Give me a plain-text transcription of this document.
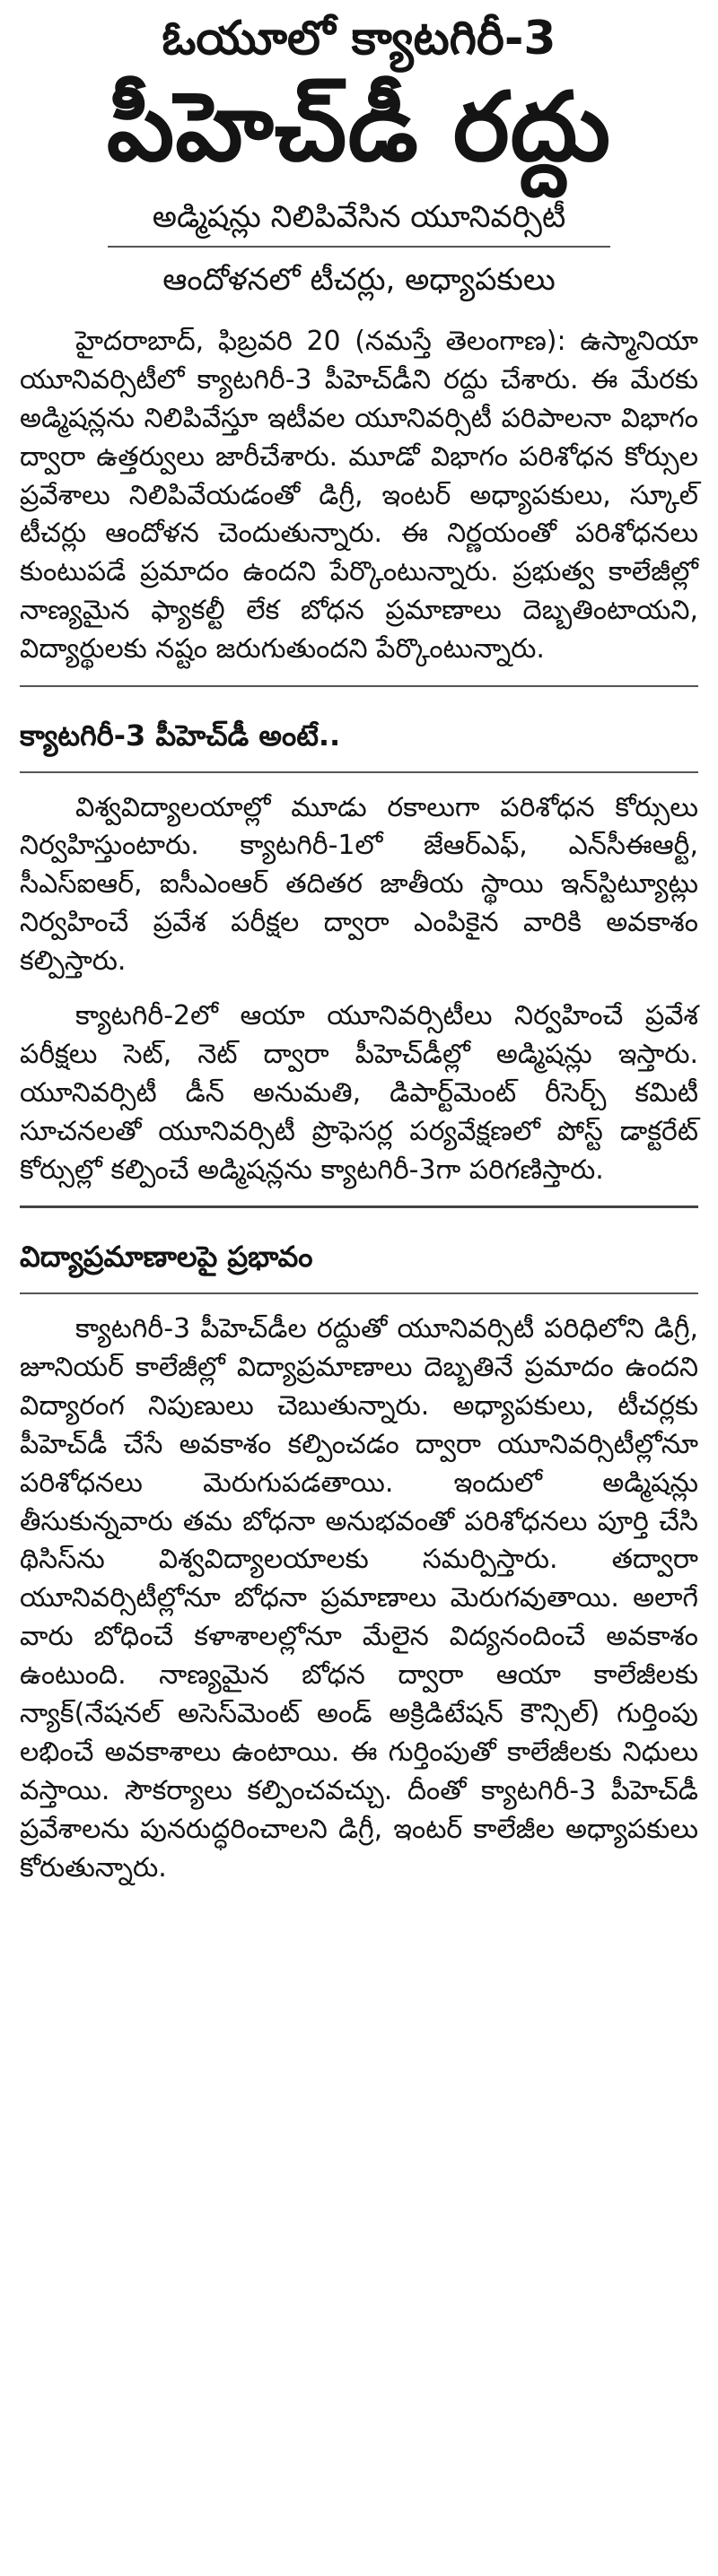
ఓయూలో క్యాటగిరీ-3
పీహెచ్‌డీ రద్దు
అడ్మిషన్లు నిలిపివేసిన యూనివర్సిటీ
ఆందోళనలో టీచర్లు, అధ్యాపకులు

హైదరాబాద్, ఫిబ్రవరి 20 (నమస్తే తెలంగాణ): ఉస్మానియా యూనివర్సిటీలో క్యాటగిరీ-3 పీహెచ్‌డీని రద్దు చేశారు. ఈ మేరకు అడ్మిషన్లను నిలిపివేస్తూ ఇటీవల యూనివర్సిటీ పరిపాలనా విభాగం ద్వారా ఉత్తర్వులు జారీచేశారు. మూడో విభాగం పరిశోధన కోర్సుల ప్రవేశాలు నిలిపివేయడంతో డిగ్రీ, ఇంటర్ అధ్యాపకులు, స్కూల్ టీచర్లు ఆందోళన చెందుతున్నారు. ఈ నిర్ణయంతో పరిశోధనలు కుంటుపడే ప్రమాదం ఉందని పేర్కొంటున్నారు. ప్రభుత్వ కాలేజీల్లో నాణ్యమైన ఫ్యాకల్టీ లేక బోధన ప్రమాణాలు దెబ్బతింటాయని, విద్యార్థులకు నష్టం జరుగుతుందని పేర్కొంటున్నారు.

క్యాటగిరీ-3 పీహెచ్‌డీ అంటే..

విశ్వవిద్యాలయాల్లో మూడు రకాలుగా పరిశోధన కోర్సులు నిర్వహిస్తుంటారు. క్యాటగిరీ-1లో జేఆర్ఎఫ్, ఎన్‌సీఈఆర్టీ, సీఎస్ఐఆర్, ఐసీఎంఆర్ తదితర జాతీయ స్థాయి ఇన్‌స్టిట్యూట్లు నిర్వహించే ప్రవేశ పరీక్షల ద్వారా ఎంపికైన వారికి అవకాశం కల్పిస్తారు.

క్యాటగిరీ-2లో ఆయా యూనివర్సిటీలు నిర్వహించే ప్రవేశ పరీక్షలు సెట్, నెట్ ద్వారా పీహెచ్‌డీల్లో అడ్మిషన్లు ఇస్తారు. యూనివర్సిటీ డీన్ అనుమతి, డిపార్ట్‌మెంట్ రీసెర్చ్ కమిటీ సూచనలతో యూనివర్సిటీ ప్రొఫెసర్ల పర్యవేక్షణలో పోస్ట్ డాక్టరేట్ కోర్సుల్లో కల్పించే అడ్మిషన్లను క్యాటగిరీ-3గా పరిగణిస్తారు.

విద్యాప్రమాణాలపై ప్రభావం

క్యాటగిరీ-3 పీహెచ్‌డీల రద్దుతో యూనివర్సిటీ పరిధిలోని డిగ్రీ, జూనియర్ కాలేజీల్లో విద్యాప్రమాణాలు దెబ్బతినే ప్రమాదం ఉందని విద్యారంగ నిపుణులు చెబుతున్నారు. అధ్యాపకులు, టీచర్లకు పీహెచ్‌డీ చేసే అవకాశం కల్పించడం ద్వారా యూనివర్సిటీల్లోనూ పరిశోధనలు మెరుగుపడతాయి. ఇందులో అడ్మిషన్లు తీసుకున్నవారు తమ బోధనా అనుభవంతో పరిశోధనలు పూర్తి చేసి థిసిస్‌ను విశ్వవిద్యాలయాలకు సమర్పిస్తారు. తద్వారా యూనివర్సిటీల్లోనూ బోధనా ప్రమాణాలు మెరుగవుతాయి. అలాగే వారు బోధించే కళాశాలల్లోనూ మేలైన విద్యనందించే అవకాశం ఉంటుంది. నాణ్యమైన బోధన ద్వారా ఆయా కాలేజీలకు న్యాక్(నేషనల్ అసెస్‌మెంట్ అండ్ అక్రిడిటేషన్ కౌన్సిల్) గుర్తింపు లభించే అవకాశాలు ఉంటాయి. ఈ గుర్తింపుతో కాలేజీలకు నిధులు వస్తాయి. సౌకర్యాలు కల్పించవచ్చు. దీంతో క్యాటగిరీ-3 పీహెచ్‌డీ ప్రవేశాలను పునరుద్ధరించాలని డిగ్రీ, ఇంటర్ కాలేజీల అధ్యాపకులు కోరుతున్నారు.
